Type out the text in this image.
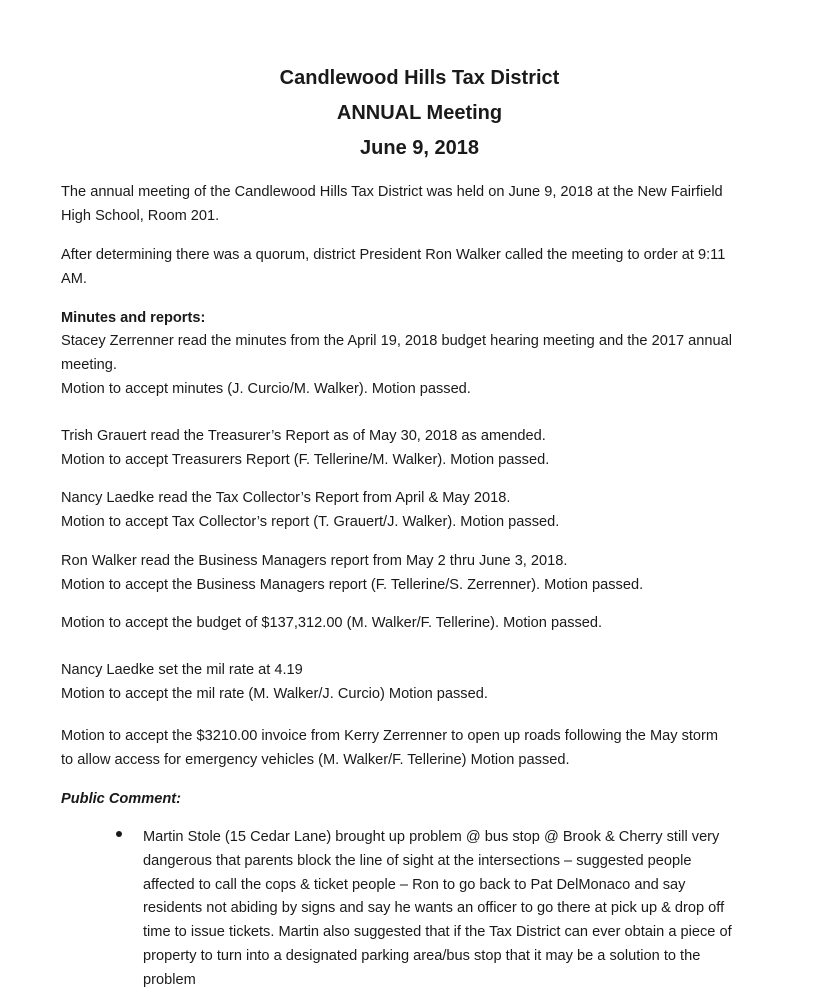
Candlewood Hills Tax District
ANNUAL Meeting
June 9, 2018
The annual meeting of the Candlewood Hills Tax District was held on June 9, 2018 at the New Fairfield
High School, Room 201.
After determining there was a quorum, district President Ron Walker called the meeting to order at 9:11
AM.
Minutes and reports:
Stacey Zerrenner read the minutes from the April 19, 2018 budget hearing meeting and the 2017 annual
meeting.
Motion to accept minutes (J. Curcio/M. Walker). Motion passed.
Trish Grauert read the Treasurer’s Report as of May 30, 2018 as amended.
Motion to accept Treasurers Report (F. Tellerine/M. Walker). Motion passed.
Nancy Laedke read the Tax Collector’s Report from April & May 2018.
Motion to accept Tax Collector’s report (T. Grauert/J. Walker). Motion passed.
Ron Walker read the Business Managers report from May 2 thru June 3, 2018.
Motion to accept the Business Managers report (F. Tellerine/S. Zerrenner). Motion passed.
Motion to accept the budget of $137,312.00 (M. Walker/F. Tellerine). Motion passed.
Nancy Laedke set the mil rate at 4.19
Motion to accept the mil rate (M. Walker/J. Curcio) Motion passed.
Motion to accept the $3210.00 invoice from Kerry Zerrenner to open up roads following the May storm
to allow access for emergency vehicles (M. Walker/F. Tellerine) Motion passed.
Public Comment:
Martin Stole (15 Cedar Lane) brought up problem @ bus stop @ Brook & Cherry still very
dangerous that parents block the line of sight at the intersections – suggested people
affected to call the cops & ticket people – Ron to go back to Pat DelMonaco and say
residents not abiding by signs and say he wants an officer to go there at pick up & drop off
time to issue tickets. Martin also suggested that if the Tax District can ever obtain a piece of
property to turn into a designated parking area/bus stop that it may be a solution to the
problem
